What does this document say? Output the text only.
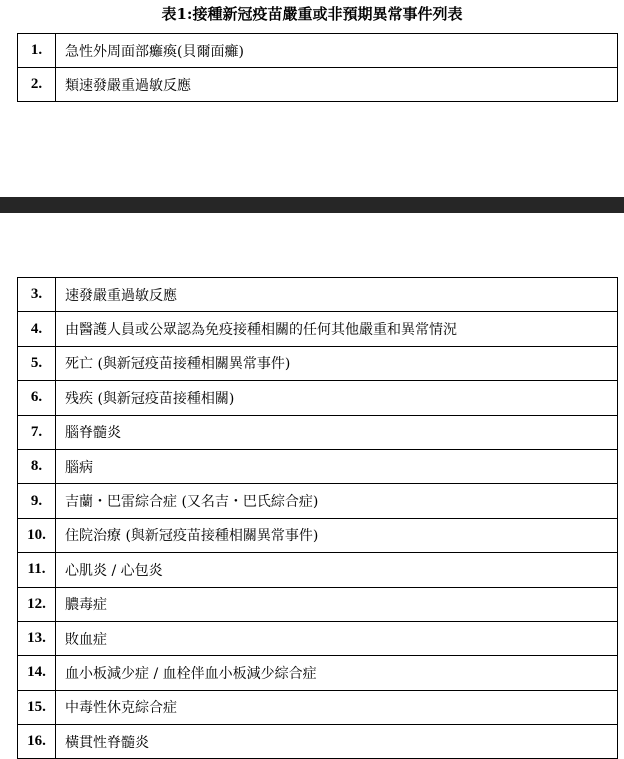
表1:接種新冠疫苗嚴重或非預期異常事件列表
1.	急性外周面部癱瘓(貝爾面癱)
2.	類速發嚴重過敏反應
3.	速發嚴重過敏反應
4.	由醫護人員或公眾認為免疫接種相關的任何其他嚴重和異常情況
5.	死亡 (與新冠疫苗接種相關異常事件)
6.	残疾 (與新冠疫苗接種相關)
7.	腦脊髓炎
8.	腦病
9.	吉蘭・巴雷綜合症 (又名吉・巴氏綜合症)
10.	住院治療 (與新冠疫苗接種相關異常事件)
11.	心肌炎 / 心包炎
12.	膿毒症
13.	敗血症
14.	血小板減少症 / 血栓伴血小板減少綜合症
15.	中毒性休克綜合症
16.	橫貫性脊髓炎
